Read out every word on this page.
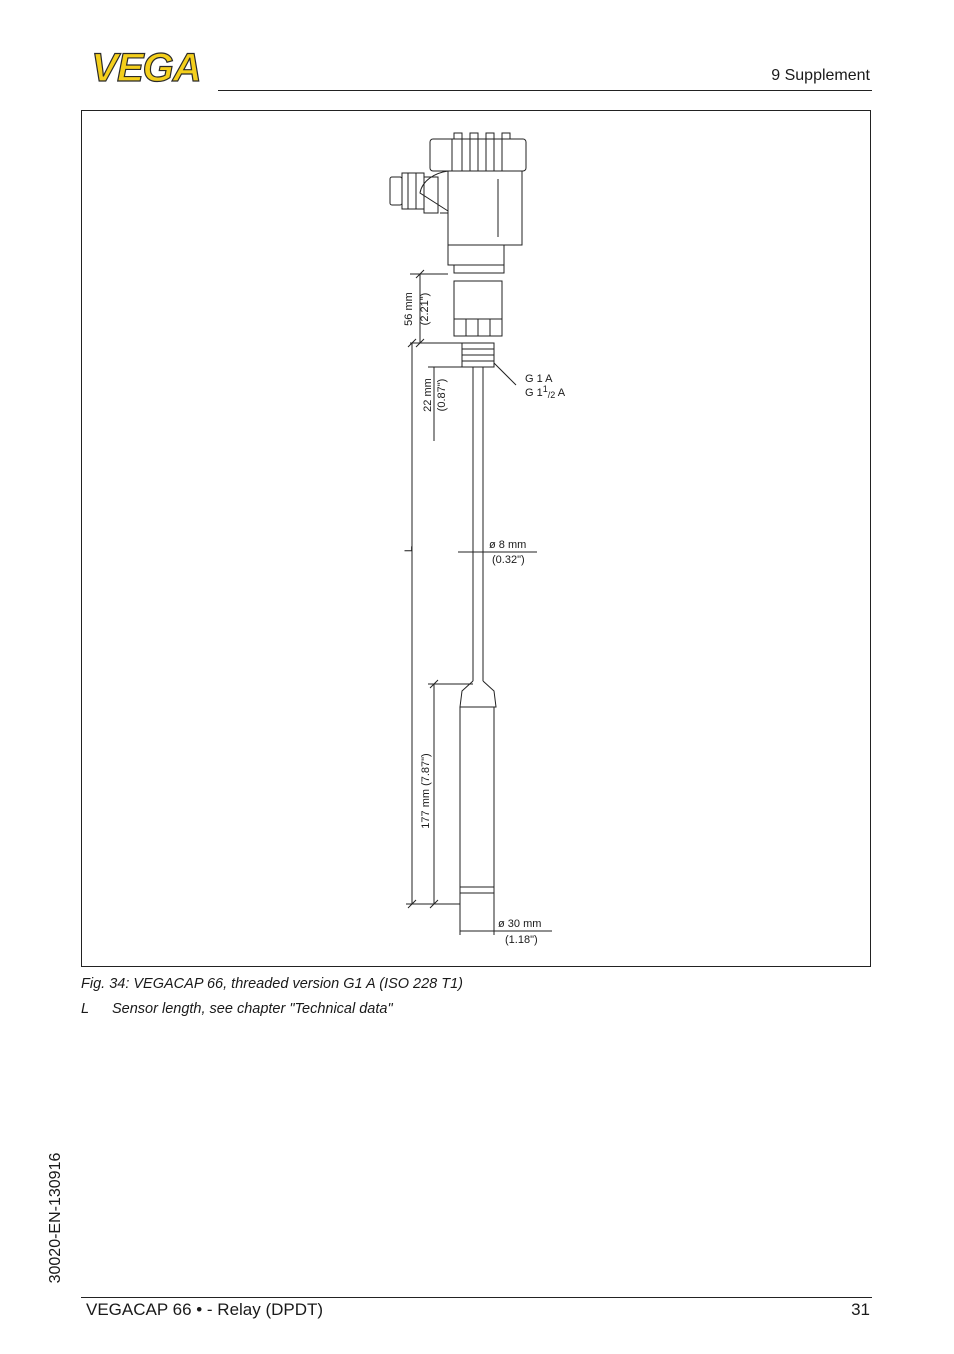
VEGA	9 Supplement
56 mm (2.21")
22 mm (0.87")	G 1 A
G $1^1_{/2}$ A
L	ø 8 mm
(0.32")
177 mm (7.87")
ø 30 mm
(1.18")
Fig. 34: VEGACAP 66, threaded version G1 A (ISO 228 T1)
L Sensor length, see chapter "Technical data"
30020-EN-130916
VEGACAP 66 • - Relay (DPDT)	31
